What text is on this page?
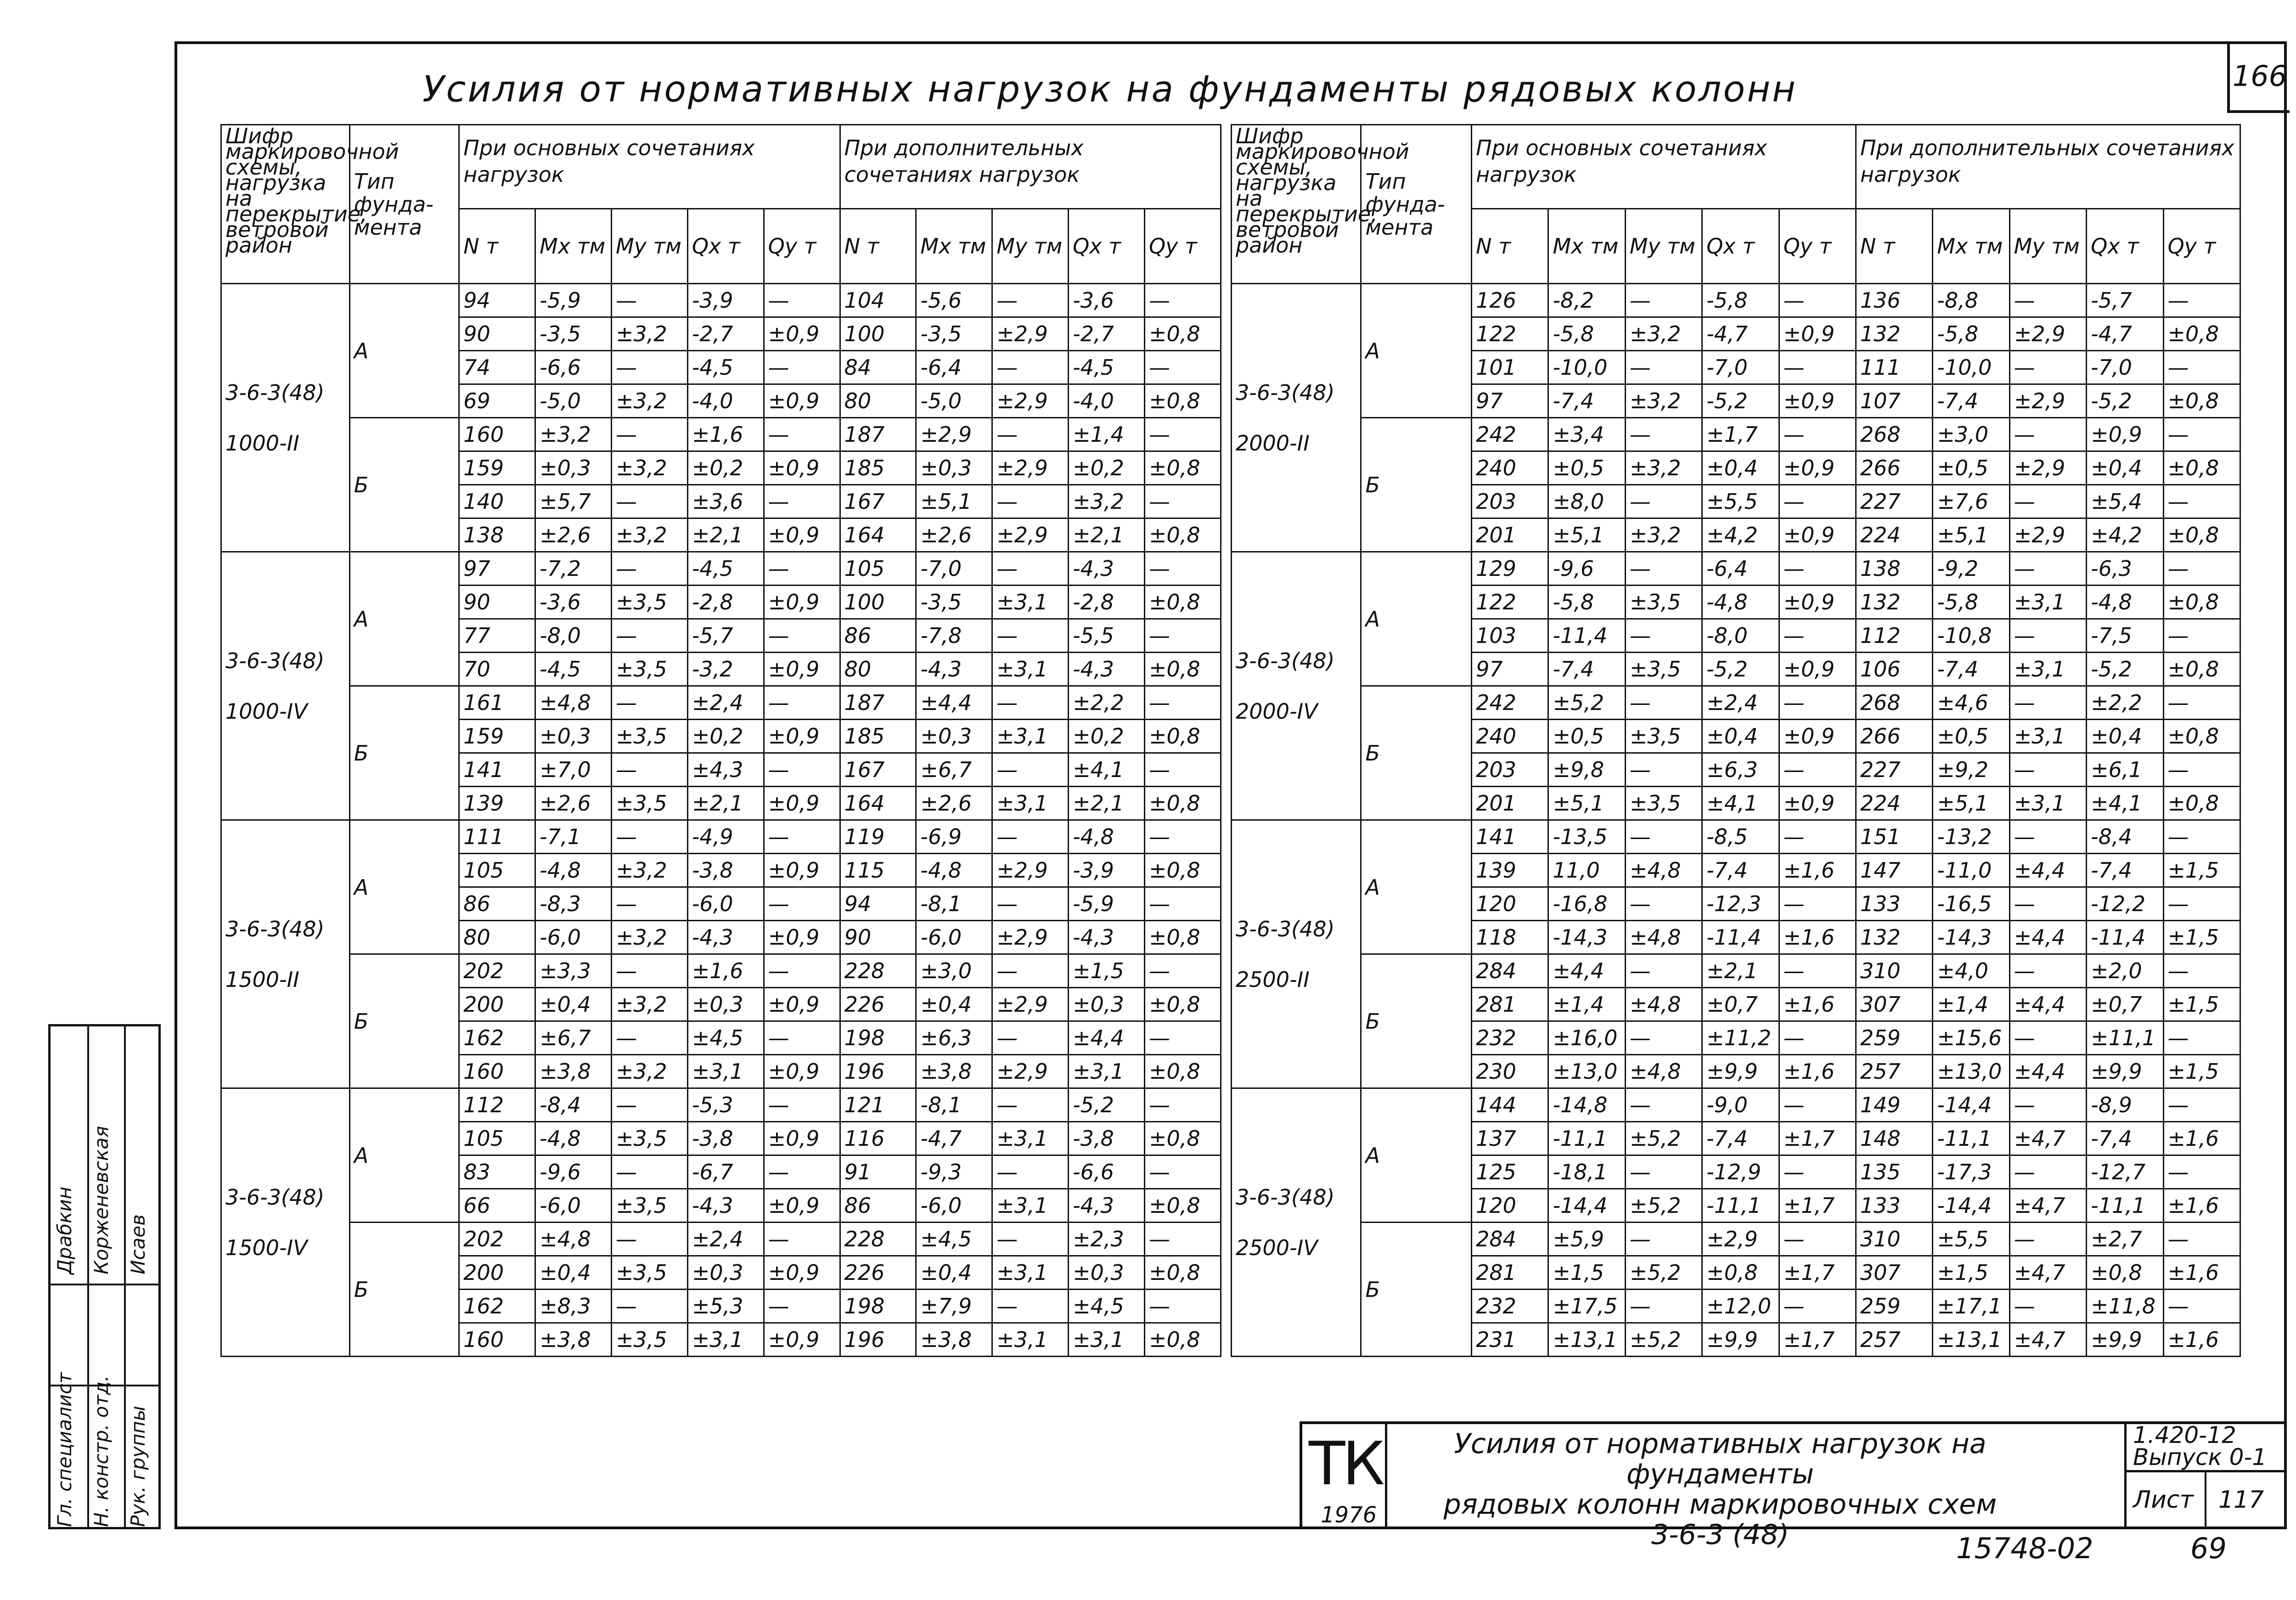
166
Усилия от нормативных нагрузок на фундаменты рядовых колонн
Шифр маркировочной схемы, нагрузка на перекрытие, ветровой район	Тип фунда-мента	При основных сочетаниях нагрузок					При дополнительных сочетаниях нагрузок				
		N т	Mx тм	My тм	Qx т	Qy т	N т	Mx тм	My тм	Qx т	Qy т
3-6-3(48) 1000-II	А	94	-5,9	—	-3,9	—	104	-5,6	—	-3,6	—
		90	-3,5	±3,2	-2,7	±0,9	100	-3,5	±2,9	-2,7	±0,8
		74	-6,6	—	-4,5	—	84	-6,4	—	-4,5	—
		69	-5,0	±3,2	-4,0	±0,9	80	-5,0	±2,9	-4,0	±0,8
	Б	160	±3,2	—	±1,6	—	187	±2,9	—	±1,4	—
		159	±0,3	±3,2	±0,2	±0,9	185	±0,3	±2,9	±0,2	±0,8
		140	±5,7	—	±3,6	—	167	±5,1	—	±3,2	—
		138	±2,6	±3,2	±2,1	±0,9	164	±2,6	±2,9	±2,1	±0,8
3-6-3(48) 1000-IV	А	97	-7,2	—	-4,5	—	105	-7,0	—	-4,3	—
		90	-3,6	±3,5	-2,8	±0,9	100	-3,5	±3,1	-2,8	±0,8
		77	-8,0	—	-5,7	—	86	-7,8	—	-5,5	—
		70	-4,5	±3,5	-3,2	±0,9	80	-4,3	±3,1	-4,3	±0,8
	Б	161	±4,8	—	±2,4	—	187	±4,4	—	±2,2	—
		159	±0,3	±3,5	±0,2	±0,9	185	±0,3	±3,1	±0,2	±0,8
		141	±7,0	—	±4,3	—	167	±6,7	—	±4,1	—
		139	±2,6	±3,5	±2,1	±0,9	164	±2,6	±3,1	±2,1	±0,8
3-6-3(48) 1500-II	А	111	-7,1	—	-4,9	—	119	-6,9	—	-4,8	—
		105	-4,8	±3,2	-3,8	±0,9	115	-4,8	±2,9	-3,9	±0,8
		86	-8,3	—	-6,0	—	94	-8,1	—	-5,9	—
		80	-6,0	±3,2	-4,3	±0,9	90	-6,0	±2,9	-4,3	±0,8
	Б	202	±3,3	—	±1,6	—	228	±3,0	—	±1,5	—
		200	±0,4	±3,2	±0,3	±0,9	226	±0,4	±2,9	±0,3	±0,8
		162	±6,7	—	±4,5	—	198	±6,3	—	±4,4	—
		160	±3,8	±3,2	±3,1	±0,9	196	±3,8	±2,9	±3,1	±0,8
3-6-3(48) 1500-IV	А	112	-8,4	—	-5,3	—	121	-8,1	—	-5,2	—
		105	-4,8	±3,5	-3,8	±0,9	116	-4,7	±3,1	-3,8	±0,8
		83	-9,6	—	-6,7	—	91	-9,3	—	-6,6	—
		66	-6,0	±3,5	-4,3	±0,9	86	-6,0	±3,1	-4,3	±0,8
	Б	202	±4,8	—	±2,4	—	228	±4,5	—	±2,3	—
		200	±0,4	±3,5	±0,3	±0,9	226	±0,4	±3,1	±0,3	±0,8
		162	±8,3	—	±5,3	—	198	±7,9	—	±4,5	—
		160	±3,8	±3,5	±3,1	±0,9	196	±3,8	±3,1	±3,1	±0,8
Шифр маркировочной схемы, нагрузка на перекрытие, ветровой район	Тип фунда-мента	При основных сочетаниях нагрузок					При дополнительных сочетаниях нагрузок				
		N т	Mx тм	My тм	Qx т	Qy т	N т	Mx тм	My тм	Qx т	Qy т
3-6-3(48) 2000-II	А	126	-8,2	—	-5,8	—	136	-8,8	—	-5,7	—
		122	-5,8	±3,2	-4,7	±0,9	132	-5,8	±2,9	-4,7	±0,8
		101	-10,0	—	-7,0	—	111	-10,0	—	-7,0	—
		97	-7,4	±3,2	-5,2	±0,9	107	-7,4	±2,9	-5,2	±0,8
	Б	242	±3,4	—	±1,7	—	268	±3,0	—	±0,9	—
		240	±0,5	±3,2	±0,4	±0,9	266	±0,5	±2,9	±0,4	±0,8
		203	±8,0	—	±5,5	—	227	±7,6	—	±5,4	—
		201	±5,1	±3,2	±4,2	±0,9	224	±5,1	±2,9	±4,2	±0,8
3-6-3(48) 2000-IV	А	129	-9,6	—	-6,4	—	138	-9,2	—	-6,3	—
		122	-5,8	±3,5	-4,8	±0,9	132	-5,8	±3,1	-4,8	±0,8
		103	-11,4	—	-8,0	—	112	-10,8	—	-7,5	—
		97	-7,4	±3,5	-5,2	±0,9	106	-7,4	±3,1	-5,2	±0,8
	Б	242	±5,2	—	±2,4	—	268	±4,6	—	±2,2	—
		240	±0,5	±3,5	±0,4	±0,9	266	±0,5	±3,1	±0,4	±0,8
		203	±9,8	—	±6,3	—	227	±9,2	—	±6,1	—
		201	±5,1	±3,5	±4,1	±0,9	224	±5,1	±3,1	±4,1	±0,8
3-6-3(48) 2500-II	А	141	-13,5	—	-8,5	—	151	-13,2	—	-8,4	—
		139	11,0	±4,8	-7,4	±1,6	147	-11,0	±4,4	-7,4	±1,5
		120	-16,8	—	-12,3	—	133	-16,5	—	-12,2	—
		118	-14,3	±4,8	-11,4	±1,6	132	-14,3	±4,4	-11,4	±1,5
	Б	284	±4,4	—	±2,1	—	310	±4,0	—	±2,0	—
		281	±1,4	±4,8	±0,7	±1,6	307	±1,4	±4,4	±0,7	±1,5
		232	±16,0	—	±11,2	—	259	±15,6	—	±11,1	—
		230	±13,0	±4,8	±9,9	±1,6	257	±13,0	±4,4	±9,9	±1,5
3-6-3(48) 2500-IV	А	144	-14,8	—	-9,0	—	149	-14,4	—	-8,9	—
		137	-11,1	±5,2	-7,4	±1,7	148	-11,1	±4,7	-7,4	±1,6
		125	-18,1	—	-12,9	—	135	-17,3	—	-12,7	—
		120	-14,4	±5,2	-11,1	±1,7	133	-14,4	±4,7	-11,1	±1,6
	Б	284	±5,9	—	±2,9	—	310	±5,5	—	±2,7	—
		281	±1,5	±5,2	±0,8	±1,7	307	±1,5	±4,7	±0,8	±1,6
		232	±17,5	—	±12,0	—	259	±17,1	—	±11,8	—
		231	±13,1	±5,2	±9,9	±1,7	257	±13,1	±4,7	±9,9	±1,6
Гл. специалист Н. констр. отд. Рук. группы
Драбкин Корженевская Исаев
ТК
1976
Усилия от нормативных нагрузок на фундаменты
рядовых колонн маркировочных схем
3-6-3 (48)
1.420-12
Выпуск 0-1
Лист 117
15748-02	69
